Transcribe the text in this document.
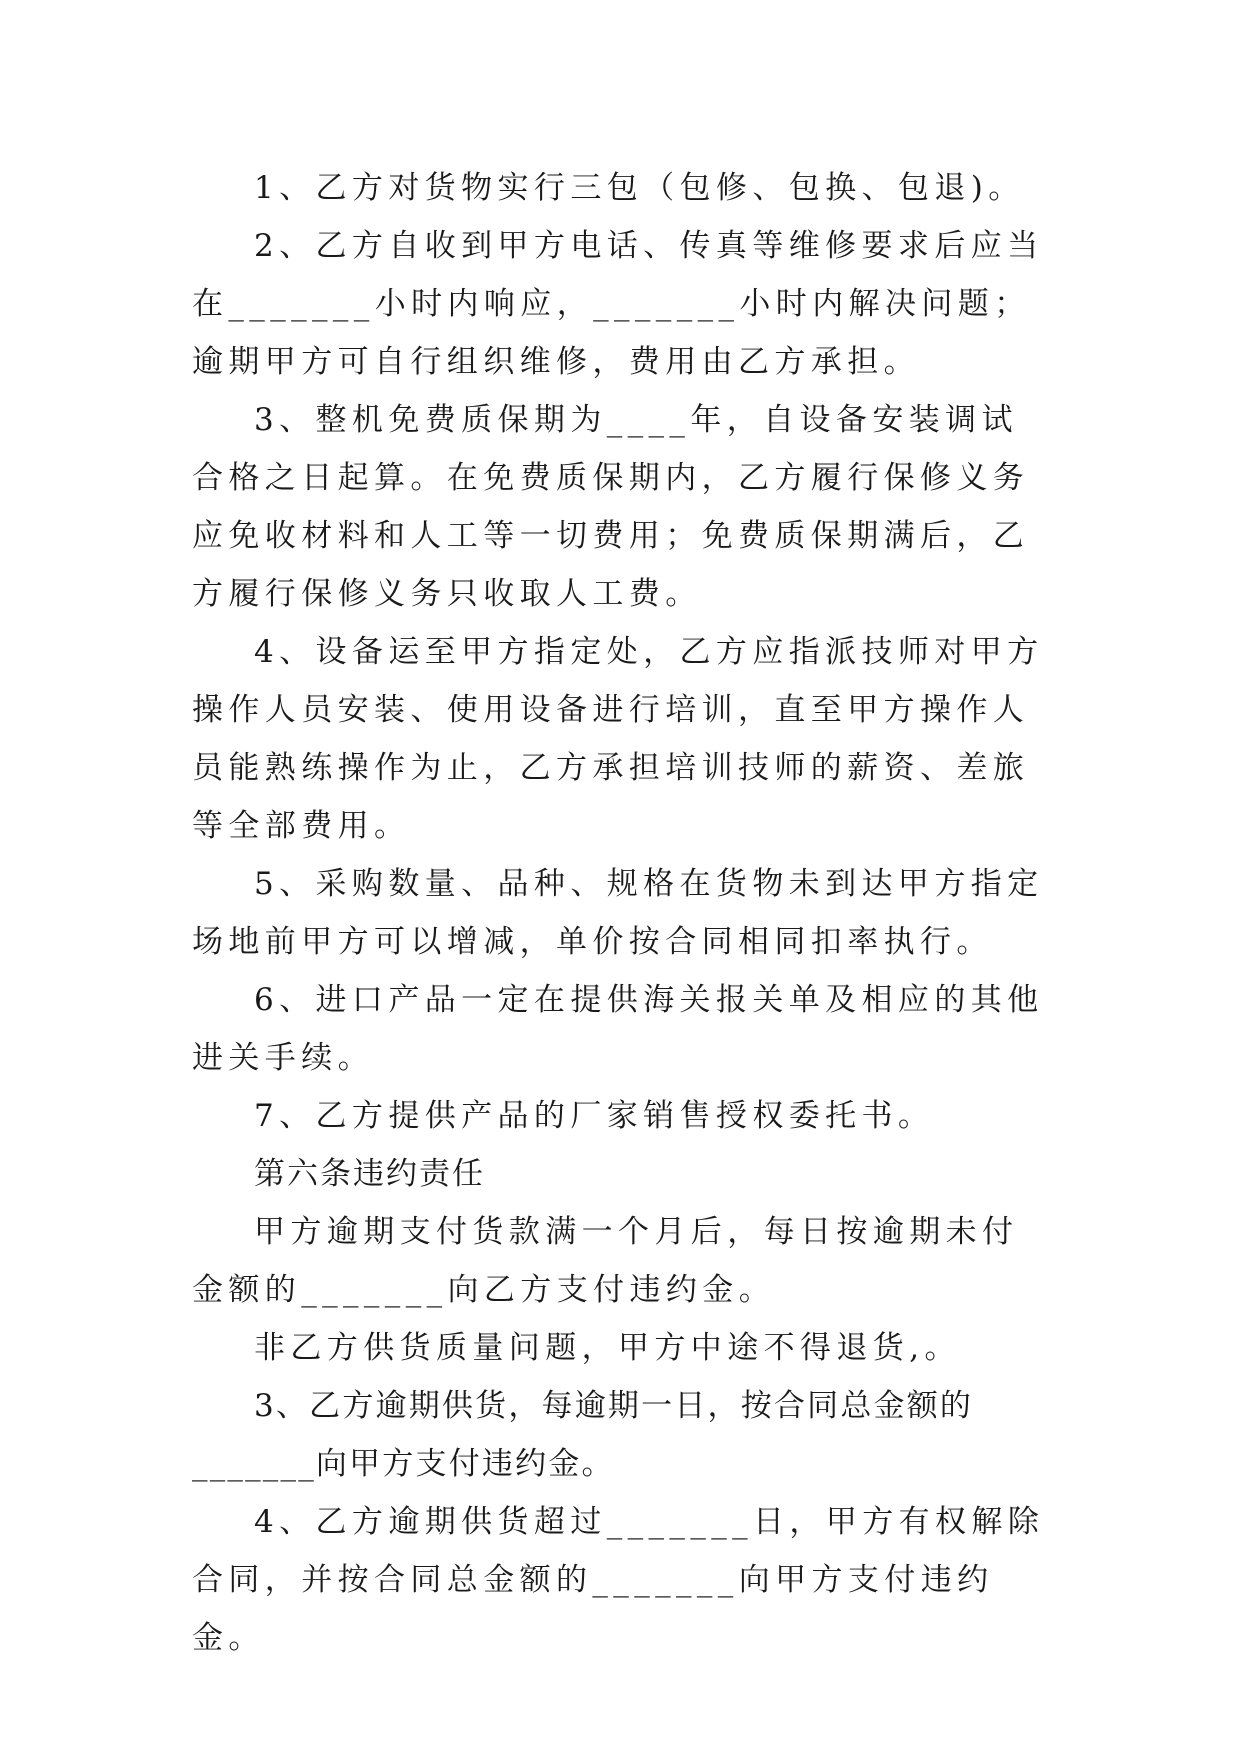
1、乙方对货物实行三包（包修、包换、包退)。

2、乙方自收到甲方电话、传真等维修要求后应当在_______小时内响应，_______小时内解决问题；逾期甲方可自行组织维修，费用由乙方承担。

3、整机免费质保期为____年，自设备安装调试合格之日起算。在免费质保期内，乙方履行保修义务应免收材料和人工等一切费用；免费质保期满后，乙方履行保修义务只收取人工费。

4、设备运至甲方指定处，乙方应指派技师对甲方操作人员安装、使用设备进行培训，直至甲方操作人员能熟练操作为止，乙方承担培训技师的薪资、差旅等全部费用。

5、采购数量、品种、规格在货物未到达甲方指定场地前甲方可以增减，单价按合同相同扣率执行。

6、进口产品一定在提供海关报关单及相应的其他进关手续。

7、乙方提供产品的厂家销售授权委托书。

第六条违约责任

甲方逾期支付货款满一个月后，每日按逾期未付金额的_______向乙方支付违约金。

非乙方供货质量问题，甲方中途不得退货,。

3、乙方逾期供货，每逾期一日，按合同总金额的_______向甲方支付违约金。

4、乙方逾期供货超过_______日，甲方有权解除合同，并按合同总金额的_______向甲方支付违约金。
